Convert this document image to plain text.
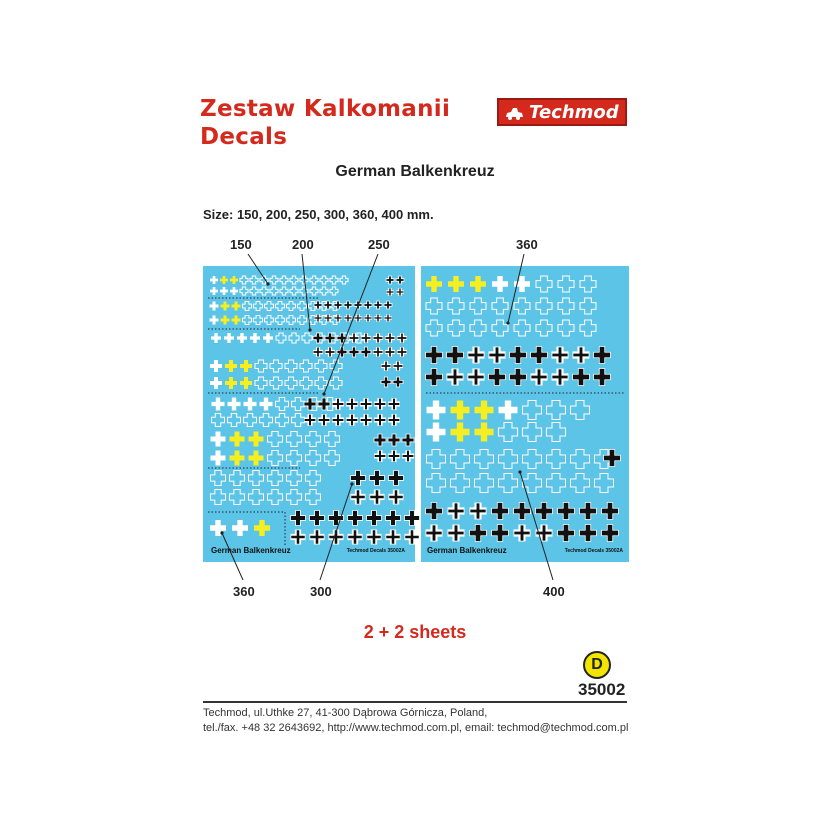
Zestaw Kalkomanii
Decals
Techmod
German Balkenkreuz
Size: 150, 200, 250, 300, 360, 400 mm.
150	200	250	360
360	300	400
German Balkenkreuz	Techmod Decals 35002A	German Balkenkreuz	Techmod Decals 35002A
2 + 2 sheets
D
35002
Techmod, ul.Uthke 27, 41-300 Dąbrowa Górnicza, Poland,
tel./fax. +48 32 2643692, http://www.techmod.com.pl, email: techmod@techmod.com.pl
